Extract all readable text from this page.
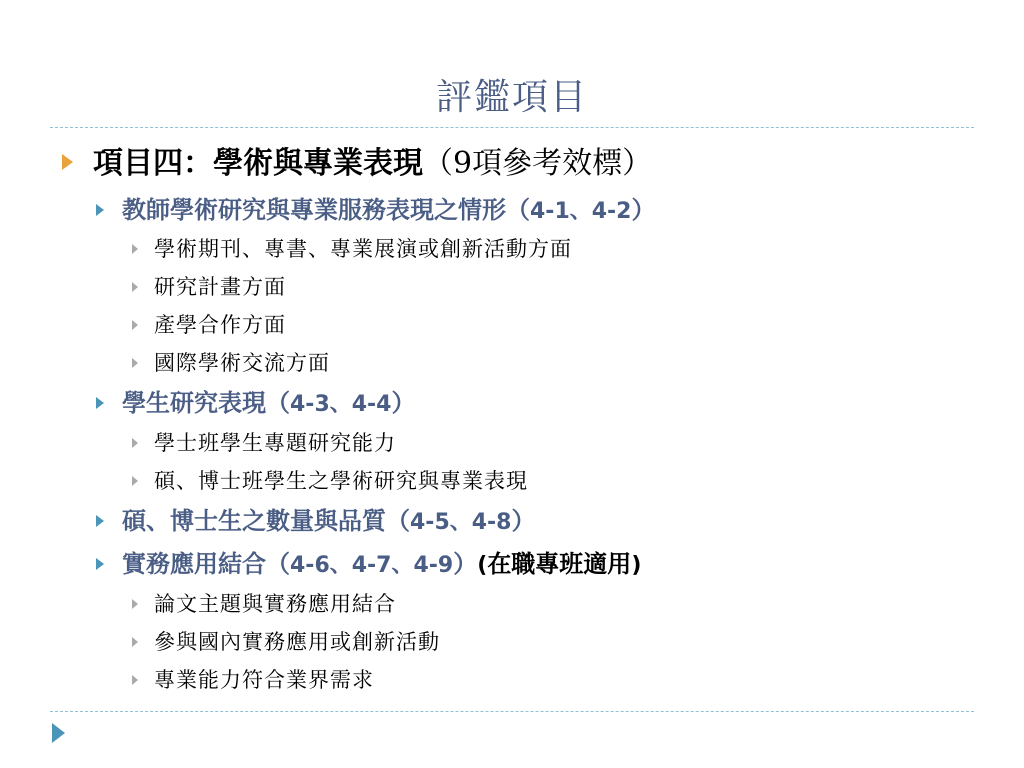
評鑑項目
項目四：學術與專業表現（9項參考效標）
教師學術研究與專業服務表現之情形（4-1、4-2）
學術期刊、專書、專業展演或創新活動方面
研究計畫方面
產學合作方面
國際學術交流方面
學生研究表現（4-3、4-4）
學士班學生專題研究能力
碩、博士班學生之學術研究與專業表現
碩、博士生之數量與品質（4-5、4-8）
實務應用結合（4-6、4-7、4-9）(在職專班適用)
論文主題與實務應用結合
參與國內實務應用或創新活動
專業能力符合業界需求
